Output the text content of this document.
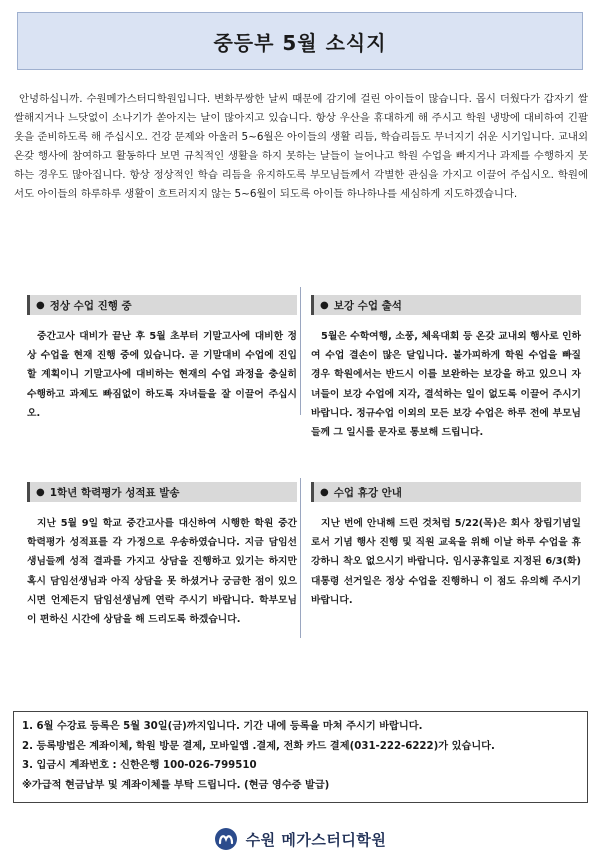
중등부 5월 소식지

안녕하십니까. 수원메가스터디학원입니다. 변화무쌍한 날씨 때문에 감기에 걸린 아이들이 많습니다. 몹시 더웠다가 갑자기 쌀쌀해지거나 느닷없이 소나기가 쏟아지는 날이 많아지고 있습니다. 항상 우산을 휴대하게 해 주시고 학원 냉방에 대비하여 긴팔 옷을 준비하도록 해 주십시오. 건강 문제와 아울러 5~6월은 아이들의 생활 리듬, 학습리듬도 무너지기 쉬운 시기입니다. 교내외 온갖 행사에 참여하고 활동하다 보면 규칙적인 생활을 하지 못하는 날들이 늘어나고 학원 수업을 빠지거나 과제를 수행하지 못하는 경우도 많아집니다. 항상 정상적인 학습 리듬을 유지하도록 부모님들께서 각별한 관심을 가지고 이끌어 주십시오. 학원에서도 아이들의 하루하루 생활이 흐트러지지 않는 5~6월이 되도록 아이들 하나하나를 세심하게 지도하겠습니다.

● 정상 수업 진행 중
중간고사 대비가 끝난 후 5월 초부터 기말고사에 대비한 정상 수업을 현재 진행 중에 있습니다. 곧 기말대비 수업에 진입할 계획이니 기말고사에 대비하는 현재의 수업 과정을 충실히 수행하고 과제도 빠짐없이 하도록 자녀들을 잘 이끌어 주십시오.
● 보강 수업 출석
5월은 수학여행, 소풍, 체육대회 등 온갖 교내외 행사로 인하여 수업 결손이 많은 달입니다. 불가피하게 학원 수업을 빠질 경우 학원에서는 반드시 이를 보완하는 보강을 하고 있으니 자녀들이 보강 수업에 지각, 결석하는 일이 없도록 이끌어 주시기 바랍니다. 정규수업 이외의 모든 보강 수업은 하루 전에 부모님들께 그 일시를 문자로 통보해 드립니다.
● 1학년 학력평가 성적표 발송
지난 5월 9일 학교 중간고사를 대신하여 시행한 학원 중간 학력평가 성적표를 각 가정으로 우송하였습니다. 지금 담임선생님들께 성적 결과를 가지고 상담을 진행하고 있기는 하지만 혹시 담임선생님과 아직 상담을 못 하셨거나 궁금한 점이 있으시면 언제든지 담임선생님께 연락 주시기 바랍니다. 학부모님이 편하신 시간에 상담을 해 드리도록 하겠습니다.
● 수업 휴강 안내
지난 번에 안내해 드린 것처럼 5/22(목)은 회사 창립기념일로서 기념 행사 진행 및 직원 교육을 위해 이날 하루 수업을 휴강하니 착오 없으시기 바랍니다. 임시공휴일로 지정된 6/3(화) 대통령 선거일은 정상 수업을 진행하니 이 점도 유의해 주시기 바랍니다.
1. 6월 수강료 등록은 5월 30일(금)까지입니다. 기간 내에 등록을 마쳐 주시기 바랍니다.
2. 등록방법은 계좌이체, 학원 방문 결제, 모바일앱 .결제, 전화 카드 결제(031-222-6222)가 있습니다.
3. 입금시 계좌번호 : 신한은행 100-026-799510
※가급적 현금납부 및 계좌이체를 부탁 드립니다. (현금 영수증 발급)
수원 메가스터디학원
